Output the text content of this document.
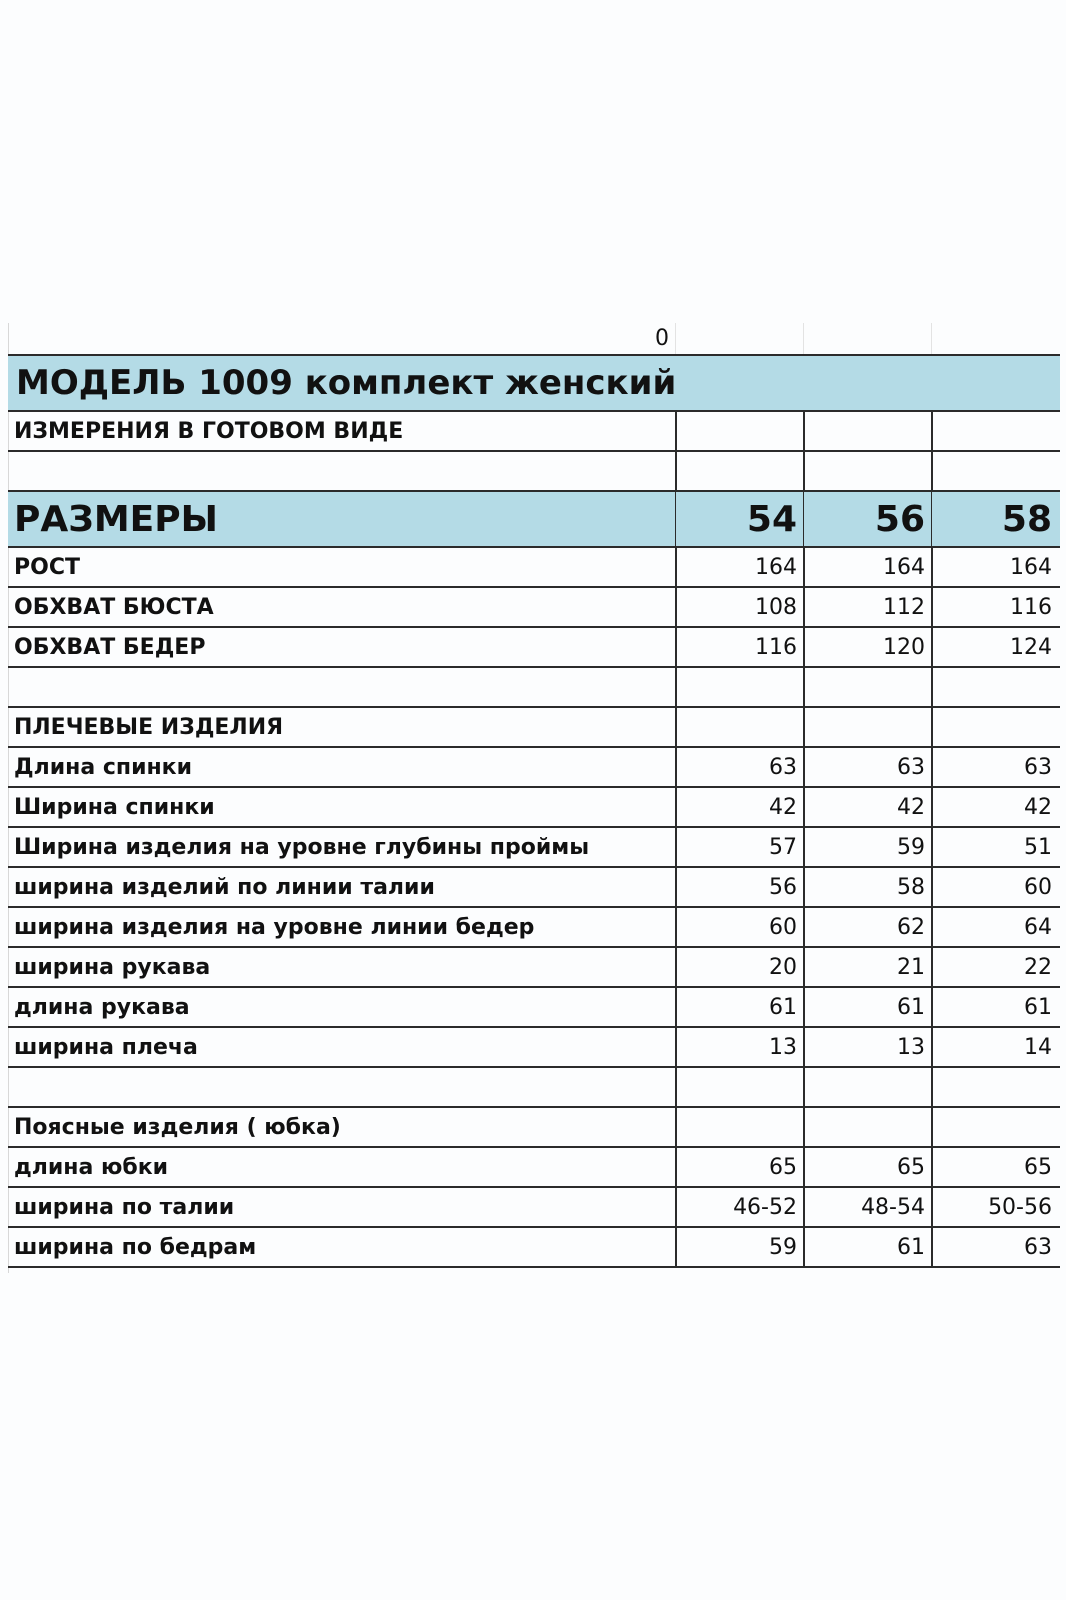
0
МОДЕЛЬ 1009 комплект женский
ИЗМЕРЕНИЯ В ГОТОВОМ ВИДЕ
РАЗМЕРЫ	54	56	58
РОСТ	164	164	164
ОБХВАТ БЮСТА	108	112	116
ОБХВАТ БЕДЕР	116	120	124
ПЛЕЧЕВЫЕ ИЗДЕЛИЯ
Длина спинки	63	63	63
Ширина спинки	42	42	42
Ширина изделия на уровне глубины проймы	57	59	51
ширина изделий по линии талии	56	58	60
ширина изделия на уровне линии бедер	60	62	64
ширина рукава	20	21	22
длина рукава	61	61	61
ширина плеча	13	13	14
Поясные изделия ( юбка)
длина юбки	65	65	65
ширина по талии	46-52	48-54	50-56
ширина по бедрам	59	61	63
